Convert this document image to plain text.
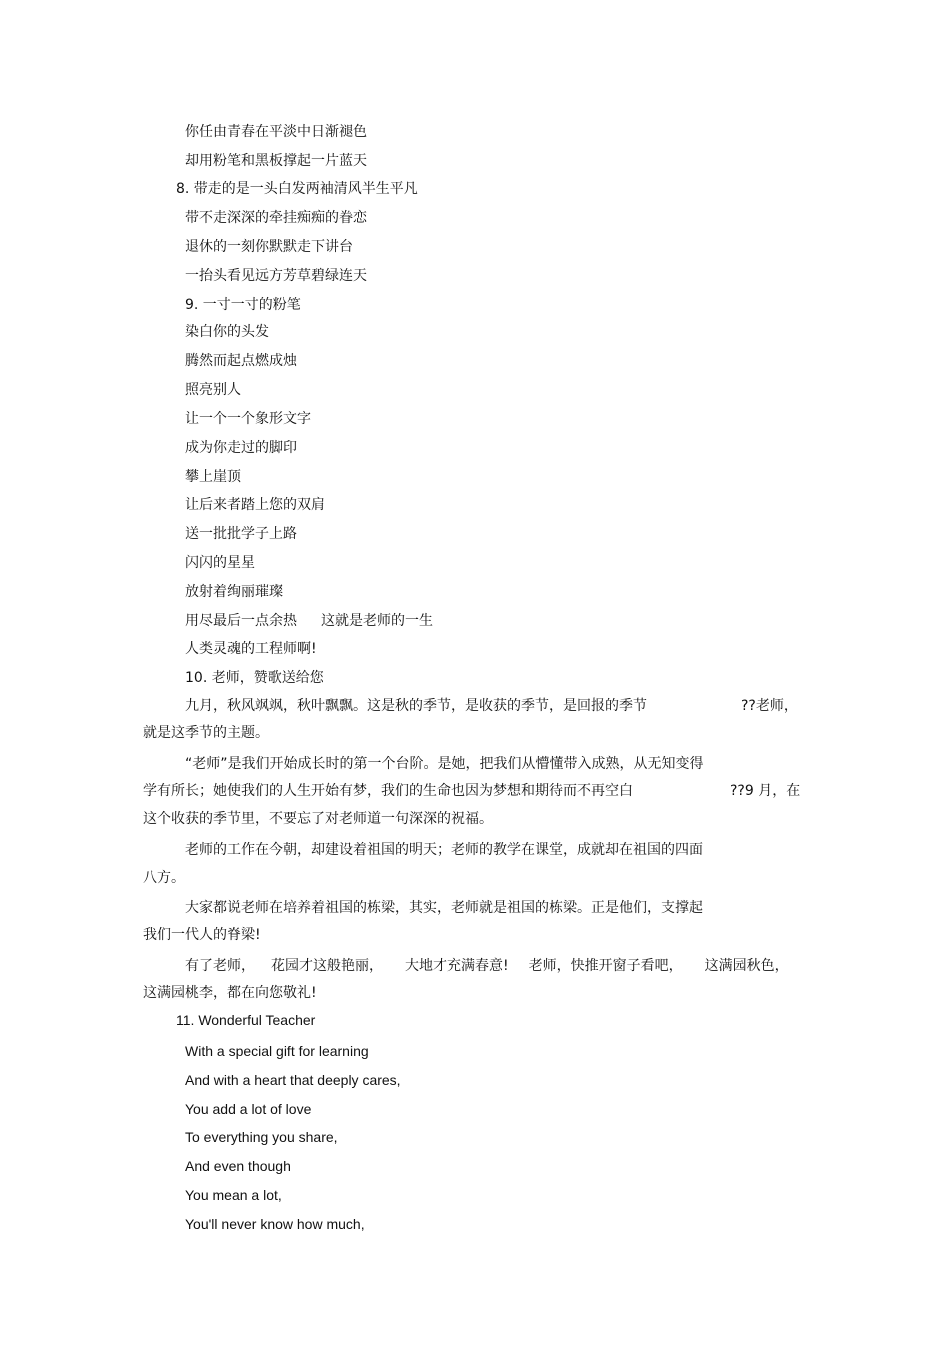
你任由青春在平淡中日渐褪色
却用粉笔和黑板撑起一片蓝天
8. 带走的是一头白发两袖清风半生平凡
带不走深深的牵挂痴痴的眷恋
退休的一刻你默默走下讲台
一抬头看见远方芳草碧绿连天
9. 一寸一寸的粉笔
染白你的头发
腾然而起点燃成烛
照亮别人
让一个一个象形文字
成为你走过的脚印
攀上崖顶
让后来者踏上您的双肩
送一批批学子上路
闪闪的星星
放射着绚丽璀璨
用尽最后一点余热 这就是老师的一生
人类灵魂的工程师啊!
10. 老师，赞歌送给您
九月，秋风飒飒，秋叶飘飘。这是秋的季节，是收获的季节，是回报的季节	??老师，
就是这季节的主题。
“老师”是我们开始成长时的第一个台阶。是她，把我们从懵懂带入成熟，从无知变得
学有所长；她使我们的人生开始有梦，我们的生命也因为梦想和期待而不再空白	??9 月，在
这个收获的季节里，不要忘了对老师道一句深深的祝福。
老师的工作在今朝，却建设着祖国的明天；老师的教学在课堂，成就却在祖国的四面
八方。
大家都说老师在培养着祖国的栋梁，其实，老师就是祖国的栋梁。正是他们，支撑起
我们一代人的脊梁!
有了老师， 花园才这般艳丽， 大地才充满春意! 老师，快推开窗子看吧， 这满园秋色，
这满园桃李，都在向您敬礼!
11. Wonderful Teacher
With a special gift for learning
And with a heart that deeply cares,
You add a lot of love
To everything you share,
And even though
You mean a lot,
You'll never know how much,
